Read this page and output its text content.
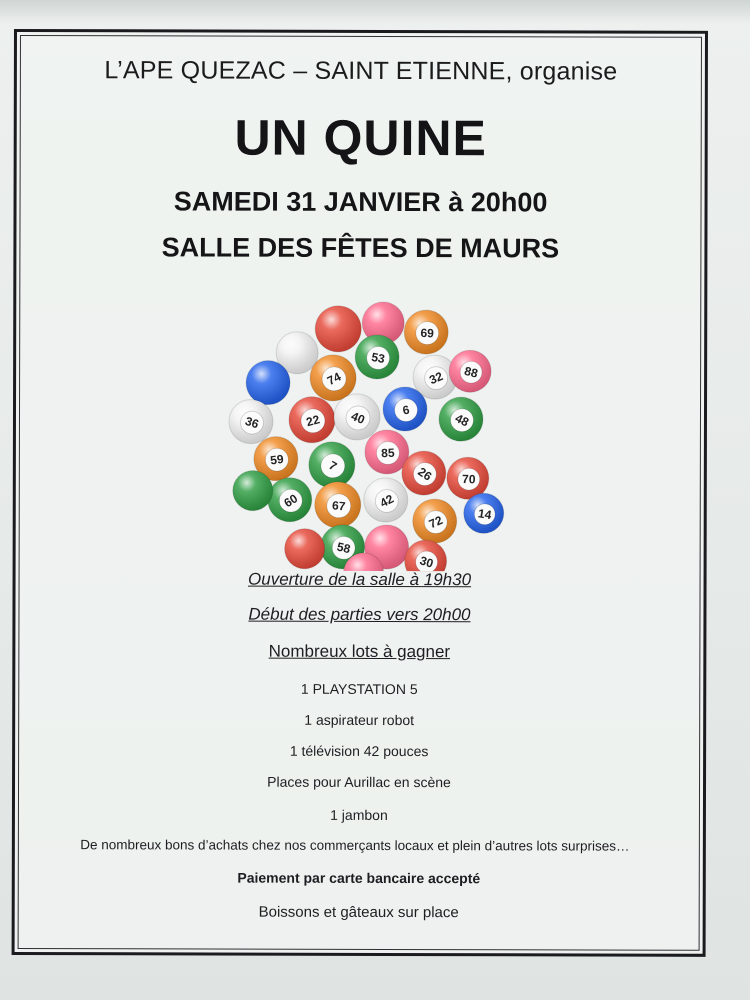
L’APE QUEZAC – SAINT ETIENNE, organise
UN QUINE
SAMEDI 31 JANVIER à 20h00
SALLE DES FÊTES DE MAURS
69
74
53
32 88
36	22 40	6
48
59	7
85
26 70
60	67	42
14
72
58
30
Ouverture de la salle à 19h30
Début des parties vers 20h00
Nombreux lots à gagner
1 PLAYSTATION 5
1 aspirateur robot
1 télévision 42 pouces
Places pour Aurillac en scène
1 jambon
De nombreux bons d’achats chez nos commerçants locaux et plein d’autres lots surprises…
Paiement par carte bancaire accepté
Boissons et gâteaux sur place
